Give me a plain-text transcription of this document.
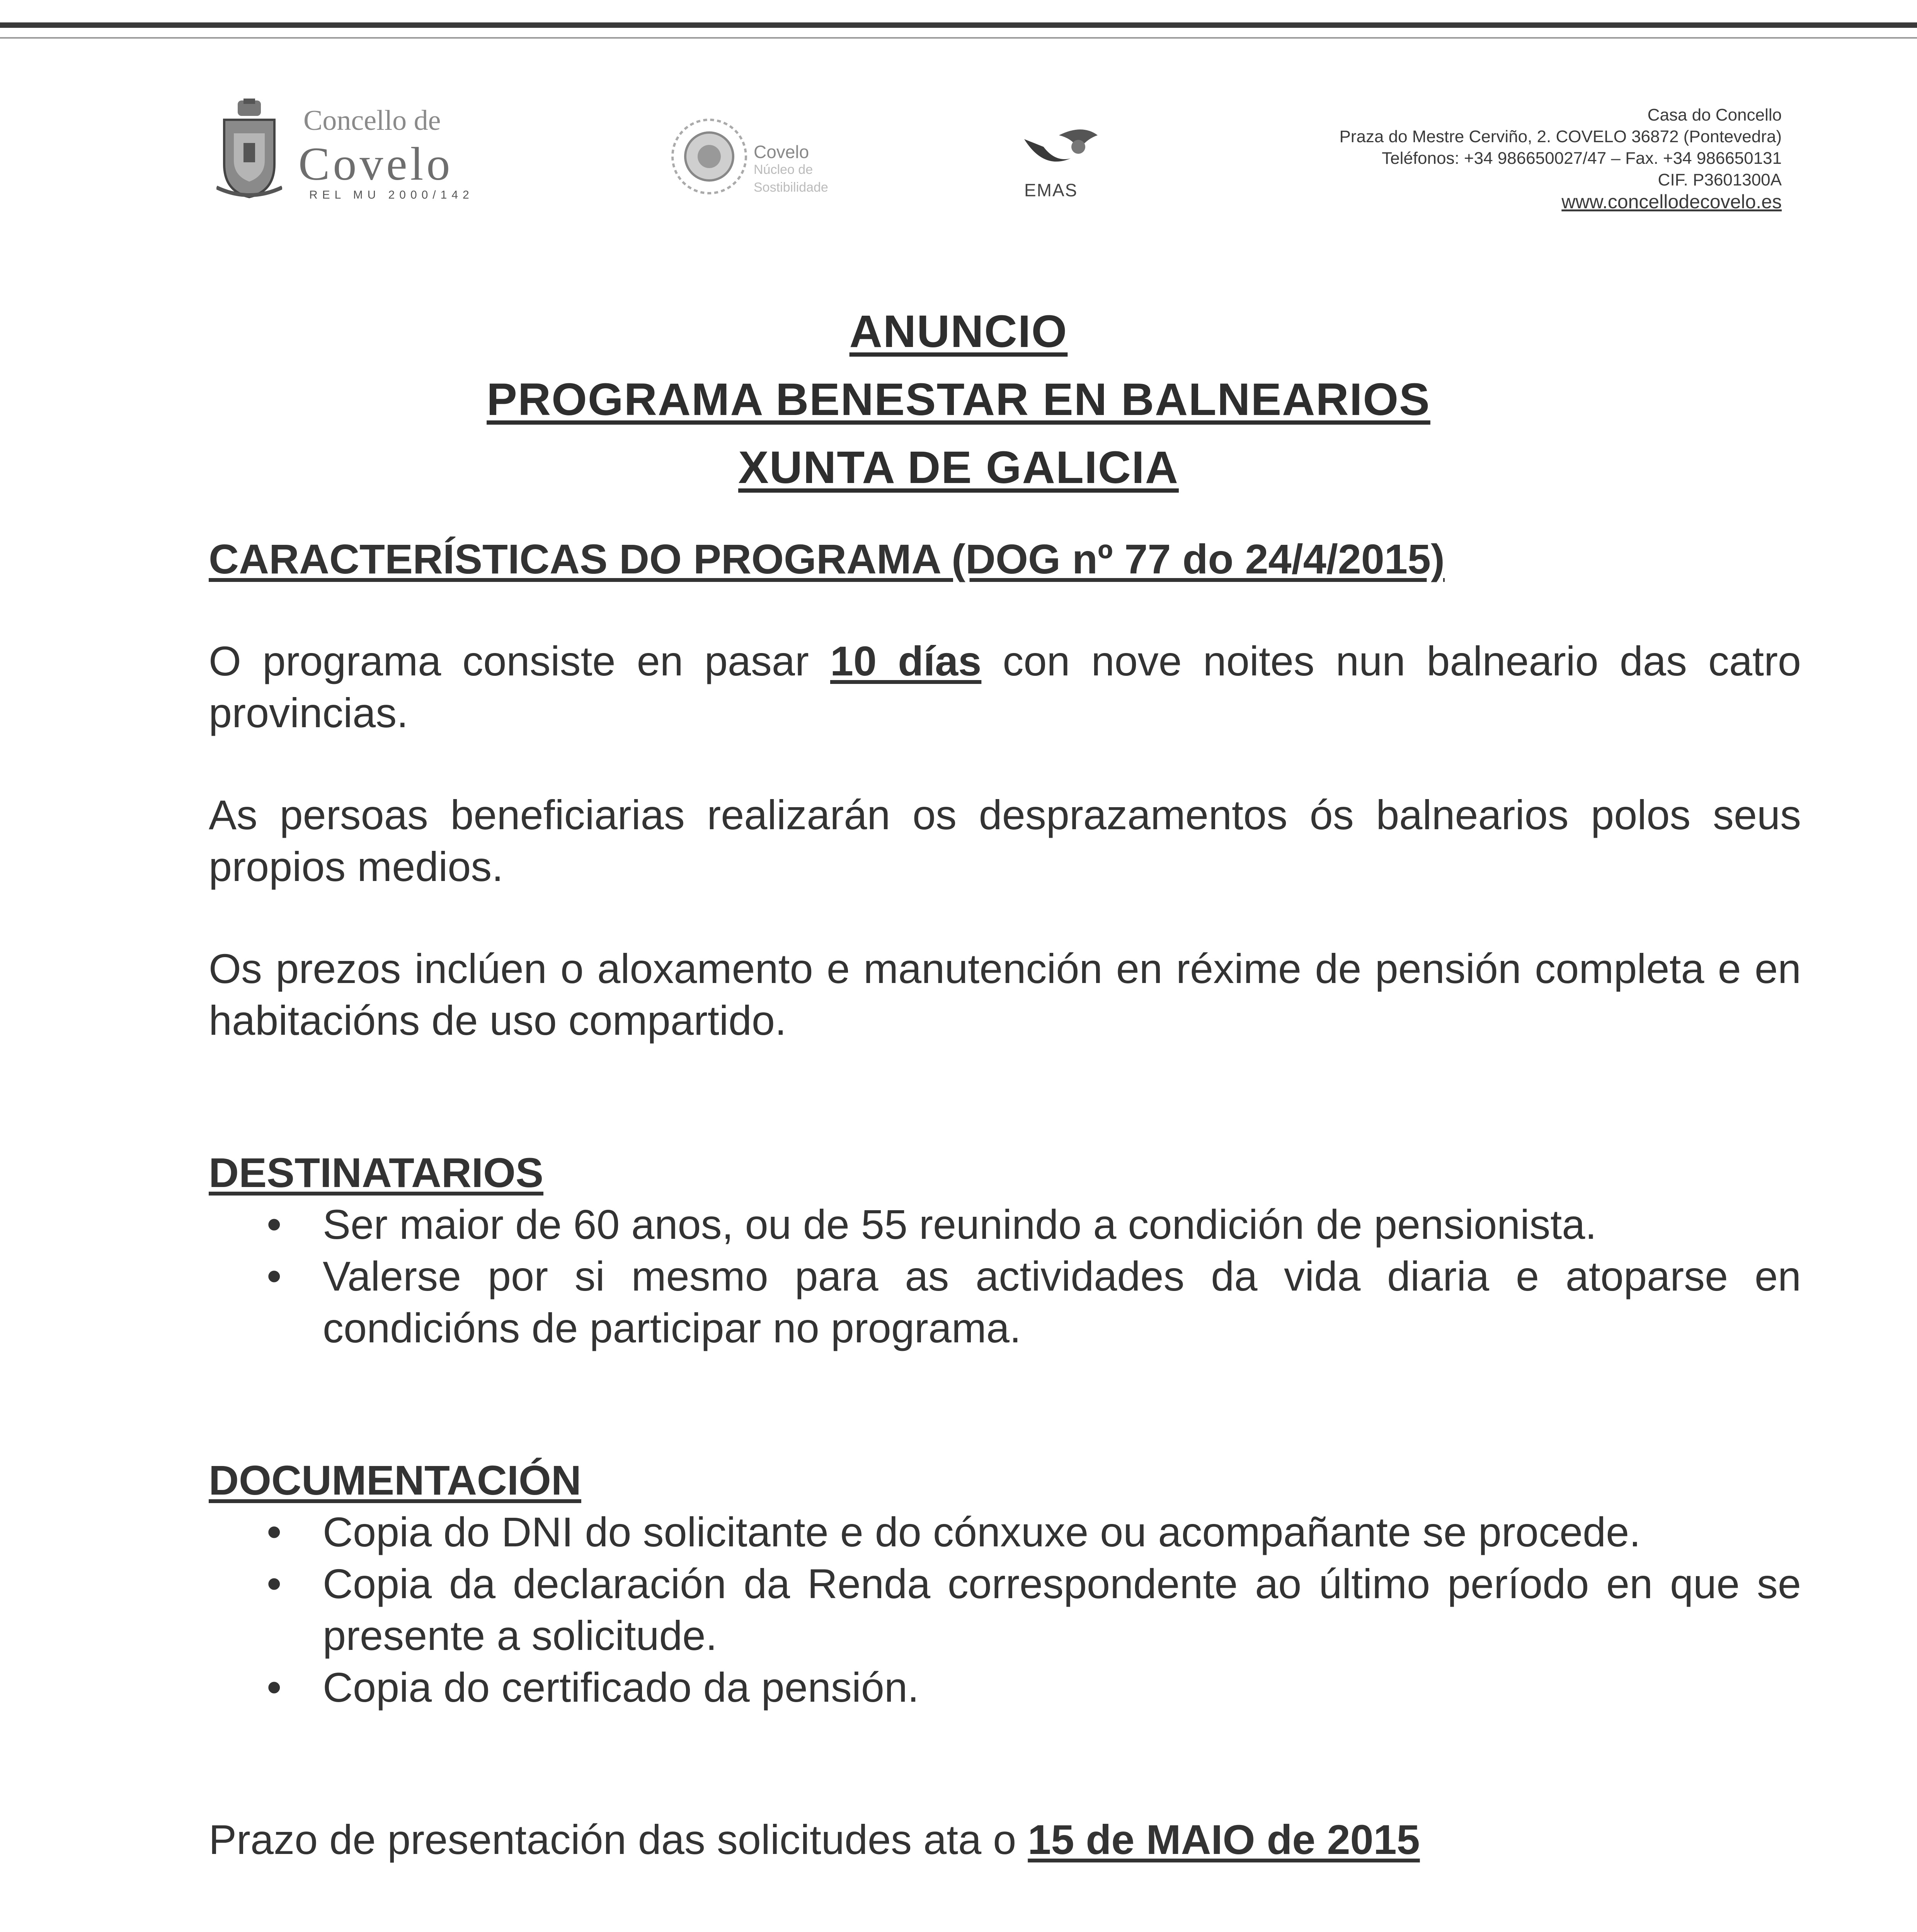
Concello de
Covelo
REL MU 2000/142
Covelo
Núcleo de
Sostibilidade	EMAS
Casa do Concello
Praza do Mestre Cerviño, 2. COVELO 36872 (Pontevedra)
Teléfonos: +34 986650027/47 – Fax. +34 986650131
CIF. P3601300A
www.concellodecovelo.es
ANUNCIO
PROGRAMA BENESTAR EN BALNEARIOS
XUNTA DE GALICIA
CARACTERÍSTICAS DO PROGRAMA (DOG nº 77 do 24/4/2015)

O programa consiste en pasar 10 días con nove noites nun balneario das catro provincias.

As persoas beneficiarias realizarán os desprazamentos ós balnearios polos seus propios medios.

Os prezos inclúen o aloxamento e manutención en réxime de pensión completa e en habitacións de uso compartido.

DESTINATARIOS
• Ser maior de 60 anos, ou de 55 reunindo a condición de pensionista.
• Valerse por si mesmo para as actividades da vida diaria e atoparse en condicións de participar no programa.
DOCUMENTACIÓN
• Copia do DNI do solicitante e do cónxuxe ou acompañante se procede.
• Copia da declaración da Renda correspondente ao último período en que se presente a solicitude.
• Copia do certificado da pensión.

Prazo de presentación das solicitudes ata o 15 de MAIO de 2015
